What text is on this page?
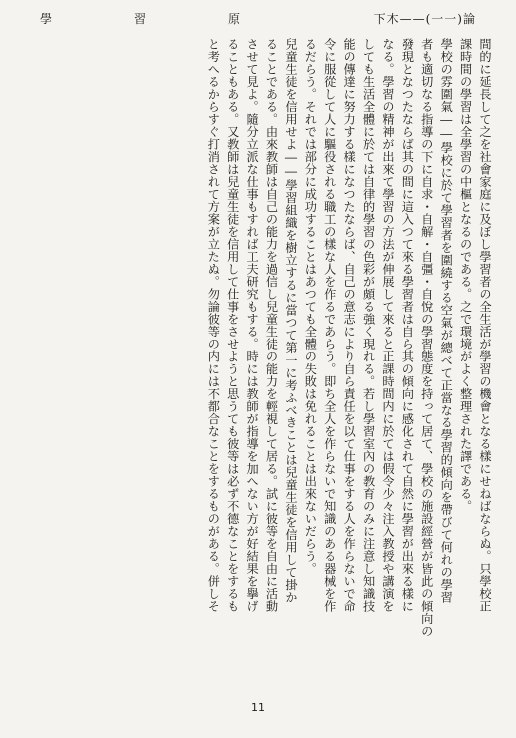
學	習	原	下木——(一一)論
間的に延長して之を社會家庭に及ぼし學習者の全生活が學習の機會となる樣にせねばならぬ。只學校正
課時間の學習は全學習の中樞となるのである。之で環境がよく整理された譯である。
學校の雰圍氣――學校に於て學習者を圍繞する空氣が總べて正當なる學習的傾向を帶びて何れの學習
者も適切なる指導の下に自求・自解・自彊・自悅の學習態度を持って居て、學校の施設經營が皆此の傾向の
發現となつたならば其の間に這入つて來る學習者は自ら其の傾向に感化されて自然に學習が出來る樣に
なる。學習の精神が出來て學習の方法が伸展して來ると正課時間内に於ては假令少々注入教授や講演を
しても生活全體に於ては自律的學習の色彩が頗る強く現れる。若し學習室內の教育のみに注意し知識技
能の傳達に努力する樣になつたならば、自己の意志により自ら責任を以て仕事をする人を作らないで命
令に服從して人に驅役される職工の樣な人を作るであらう。即ち全人を作らないで知識のある器械を作
るだらう。それでは部分に成功することはあつても全體の失敗は免れることは出來ないだらう。
兒童生徒を信用せよ――學習組織を樹立するに當つて第一に考ふべきことは兒童生徒を信用して掛か
ることである。由來教師は自己の能力を過信し兒童生徒の能力を輕視して居る。試に彼等を自由に活動
させて見よ。隨分立派な仕事もすれば工夫研究もする。時には教師が指導を加へない方が好結果を擧げ
ることもある。又教師は兒童生徒を信用して仕事をさせようと思うても彼等は必ず不德なことをするも
と考へるからすぐ打消されて方案が立たぬ。勿論彼等の内には不都合なことをするものがある。併しそ
11
